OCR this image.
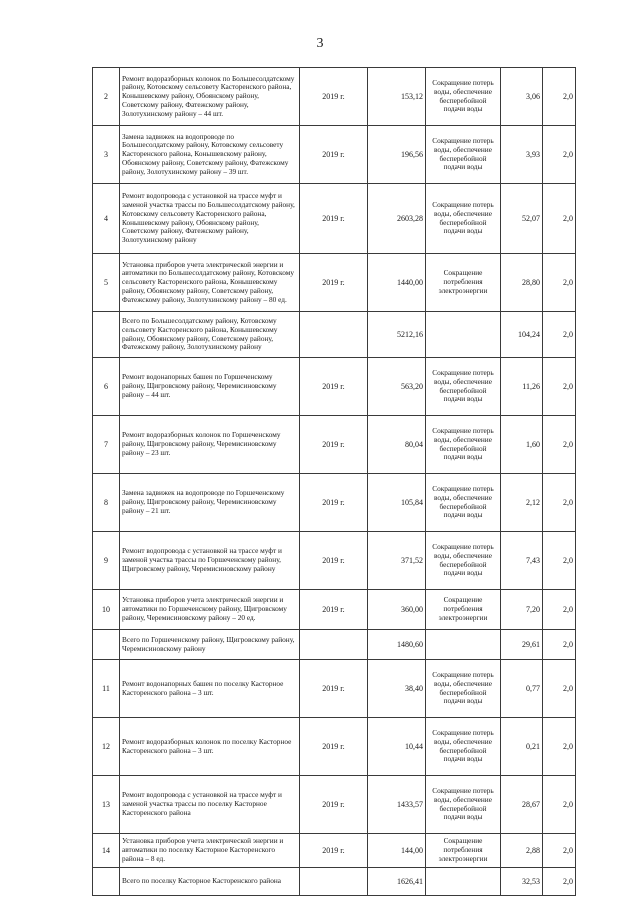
3
2	Ремонт водоразборных колонок по Большесолдатскому району, Котовскому сельсовету Касторенского района, Конышевскому району, Обоянскому району, Советскому району, Фатежскому району, Золотухинскому району – 44 шт.	2019 г.	153,12	Сокращение потерь воды, обеспечение бесперебойной подачи воды	3,06	2,0
3	Замена задвижек на водопроводе по Большесолдатскому району, Котовскому сельсовету Касторенского района, Конышевскому району, Обоянскому району, Советскому району, Фатежскому району, Золотухинскому району – 39 шт.	2019 г.	196,56	Сокращение потерь воды, обеспечение бесперебойной подачи воды	3,93	2,0
4	Ремонт водопровода с установкой на трассе муфт и заменой участка трассы по Большесолдатскому району, Котовскому сельсовету Касторенского района, Конышевскому району, Обоянскому району, Советскому району, Фатежскому району, Золотухинскому району	2019 г.	2603,28	Сокращение потерь воды, обеспечение бесперебойной подачи воды	52,07	2,0
5	Установка приборов учета электрической энергии и автоматики по Большесолдатскому району, Котовскому сельсовету Касторенского района, Конышевскому району, Обоянскому району, Советскому району, Фатежскому району, Золотухинскому району – 80 ед.	2019 г.	1440,00	Сокращение потребления электроэнергии	28,80	2,0
	Всего по Большесолдатскому району, Котовскому сельсовету Касторенского района, Конышевскому району, Обоянскому району, Советскому району, Фатежскому району, Золотухинскому району		5212,16		104,24	2,0
6	Ремонт водонапорных башен по Горшеченскому району, Щигровскому району, Черемисиновскому району – 44 шт.	2019 г.	563,20	Сокращение потерь воды, обеспечение бесперебойной подачи воды	11,26	2,0
7	Ремонт водоразборных колонок по Горшеченскому району, Щигровскому району, Черемисиновскому району – 23 шт.	2019 г.	80,04	Сокращение потерь воды, обеспечение бесперебойной подачи воды	1,60	2,0
8	Замена задвижек на водопроводе по Горшеченскому району, Щигровскому району, Черемисиновскому району – 21 шт.	2019 г.	105,84	Сокращение потерь воды, обеспечение бесперебойной подачи воды	2,12	2,0
9	Ремонт водопровода с установкой на трассе муфт и заменой участка трассы по Горшеченскому району, Щигровскому району, Черемисиновскому району	2019 г.	371,52	Сокращение потерь воды, обеспечение бесперебойной подачи воды	7,43	2,0
10	Установка приборов учета электрической энергии и автоматики по Горшеченскому району, Щигровскому району, Черемисиновскому району – 20 ед.	2019 г.	360,00	Сокращение потребления электроэнергии	7,20	2,0
	Всего по Горшеченскому району, Щигровскому району, Черемисиновскому району		1480,60		29,61	2,0
11	Ремонт водонапорных башен по поселку Касторное Касторенского района – 3 шт.	2019 г.	38,40	Сокращение потерь воды, обеспечение бесперебойной подачи воды	0,77	2,0
12	Ремонт водоразборных колонок по поселку Касторное Касторенского района – 3 шт.	2019 г.	10,44	Сокращение потерь воды, обеспечение бесперебойной подачи воды	0,21	2,0
13	Ремонт водопровода с установкой на трассе муфт и заменой участка трассы по поселку Касторное Касторенского района	2019 г.	1433,57	Сокращение потерь воды, обеспечение бесперебойной подачи воды	28,67	2,0
14	Установка приборов учета электрической энергии и автоматики по поселку Касторное Касторенского района – 8 ед.	2019 г.	144,00	Сокращение потребления электроэнергии	2,88	2,0
	Всего по поселку Касторное Касторенского района		1626,41		32,53	2,0
